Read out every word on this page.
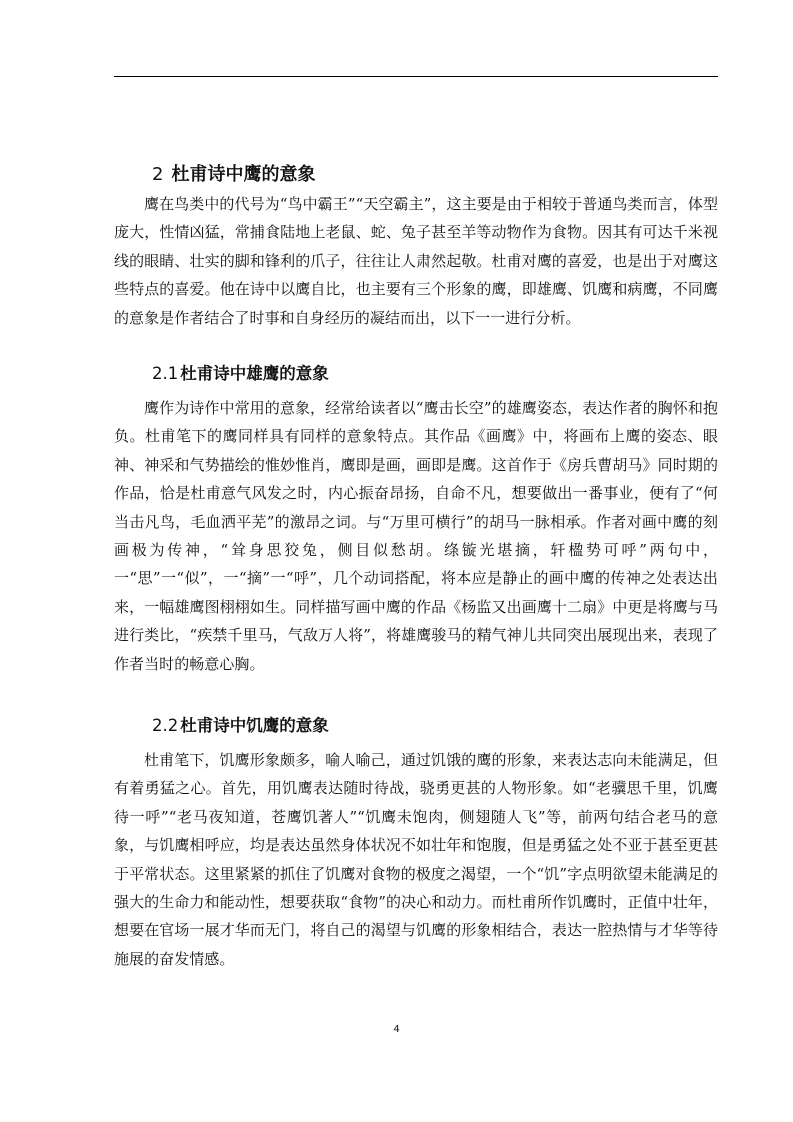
2 杜甫诗中鹰的意象

鹰在鸟类中的代号为“鸟中霸王”“天空霸主”，这主要是由于相较于普通鸟类而言，体型庞大，性情凶猛，常捕食陆地上老鼠、蛇、兔子甚至羊等动物作为食物。因其有可达千米视线的眼睛、壮实的脚和锋利的爪子，往往让人肃然起敬。杜甫对鹰的喜爱，也是出于对鹰这些特点的喜爱。他在诗中以鹰自比，也主要有三个形象的鹰，即雄鹰、饥鹰和病鹰，不同鹰的意象是作者结合了时事和自身经历的凝结而出，以下一一进行分析。

2.1 杜甫诗中雄鹰的意象

鹰作为诗作中常用的意象，经常给读者以“鹰击长空”的雄鹰姿态，表达作者的胸怀和抱负。杜甫笔下的鹰同样具有同样的意象特点。其作品《画鹰》中，将画布上鹰的姿态、眼神、神采和气势描绘的惟妙惟肖，鹰即是画，画即是鹰。这首作于《房兵曹胡马》同时期的作品，恰是杜甫意气风发之时，内心振奋昂扬，自命不凡，想要做出一番事业，便有了“何当击凡鸟，毛血洒平芜”的激昂之词。与“万里可横行”的胡马一脉相承。作者对画中鹰的刻画极为传神，“耸身思狡兔，侧目似愁胡。绦镟光堪摘，轩楹势可呼”两句中，一“思”一“似”，一“摘”一“呼”，几个动词搭配，将本应是静止的画中鹰的传神之处表达出来，一幅雄鹰图栩栩如生。同样描写画中鹰的作品《杨监又出画鹰十二扇》中更是将鹰与马进行类比，“疾禁千里马，气敌万人将”，将雄鹰骏马的精气神儿共同突出展现出来，表现了作者当时的畅意心胸。

2.2 杜甫诗中饥鹰的意象

杜甫笔下，饥鹰形象颇多，喻人喻己，通过饥饿的鹰的形象，来表达志向未能满足，但有着勇猛之心。首先，用饥鹰表达随时待战，骁勇更甚的人物形象。如“老骥思千里，饥鹰待一呼”“老马夜知道，苍鹰饥著人”“饥鹰未饱肉，侧翅随人飞”等，前两句结合老马的意象，与饥鹰相呼应，均是表达虽然身体状况不如壮年和饱腹，但是勇猛之处不亚于甚至更甚于平常状态。这里紧紧的抓住了饥鹰对食物的极度之渴望，一个“饥”字点明欲望未能满足的强大的生命力和能动性，想要获取“食物”的决心和动力。而杜甫所作饥鹰时，正值中壮年，想要在官场一展才华而无门，将自己的渴望与饥鹰的形象相结合，表达一腔热情与才华等待施展的奋发情感。

4
